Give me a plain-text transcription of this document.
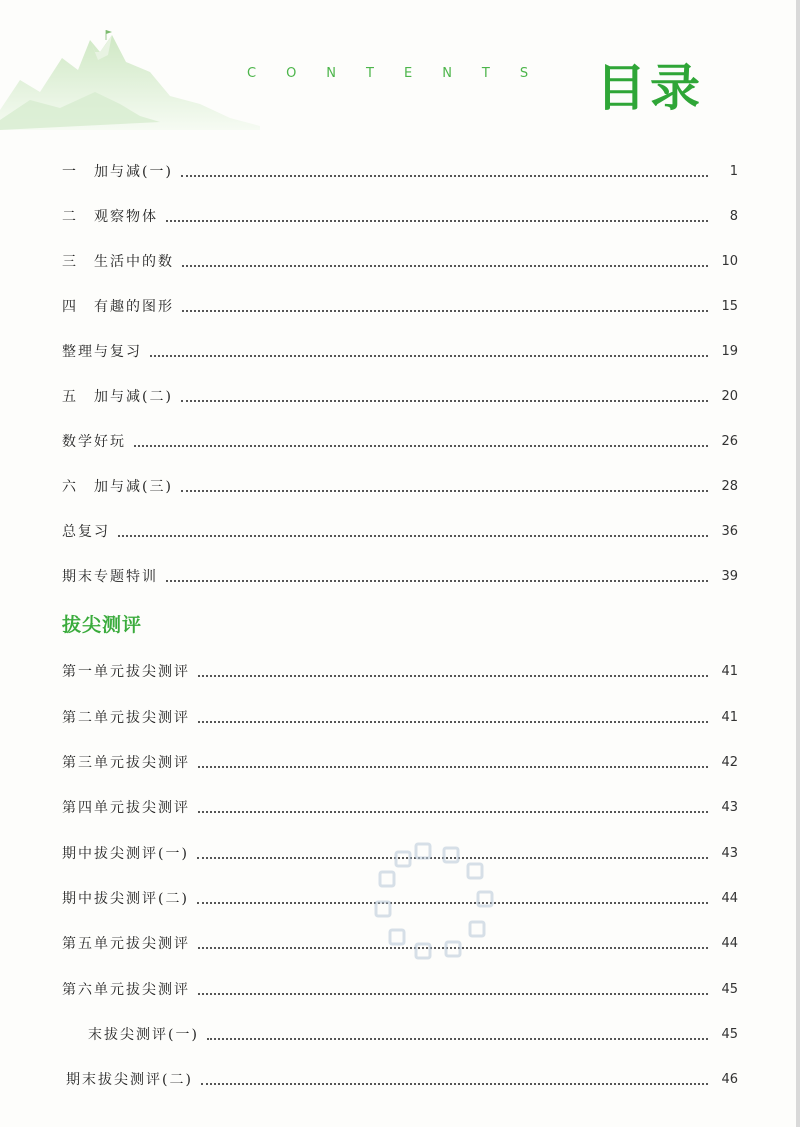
CONTENTS 目录
一 加与减(一)	1
二 观察物体	8
三 生活中的数	10
四 有趣的图形	15
整理与复习	19
五 加与减(二)	20
数学好玩	26
六 加与减(三)	28
总复习	36
期末专题特训	39
拔尖测评
第一单元拔尖测评	41
第二单元拔尖测评	41
第三单元拔尖测评	42
第四单元拔尖测评	43
期中拔尖测评(一)	43
期中拔尖测评(二)	44
第五单元拔尖测评	44
第六单元拔尖测评	45
末拔尖测评(一)	45
期末拔尖测评(二)	46
